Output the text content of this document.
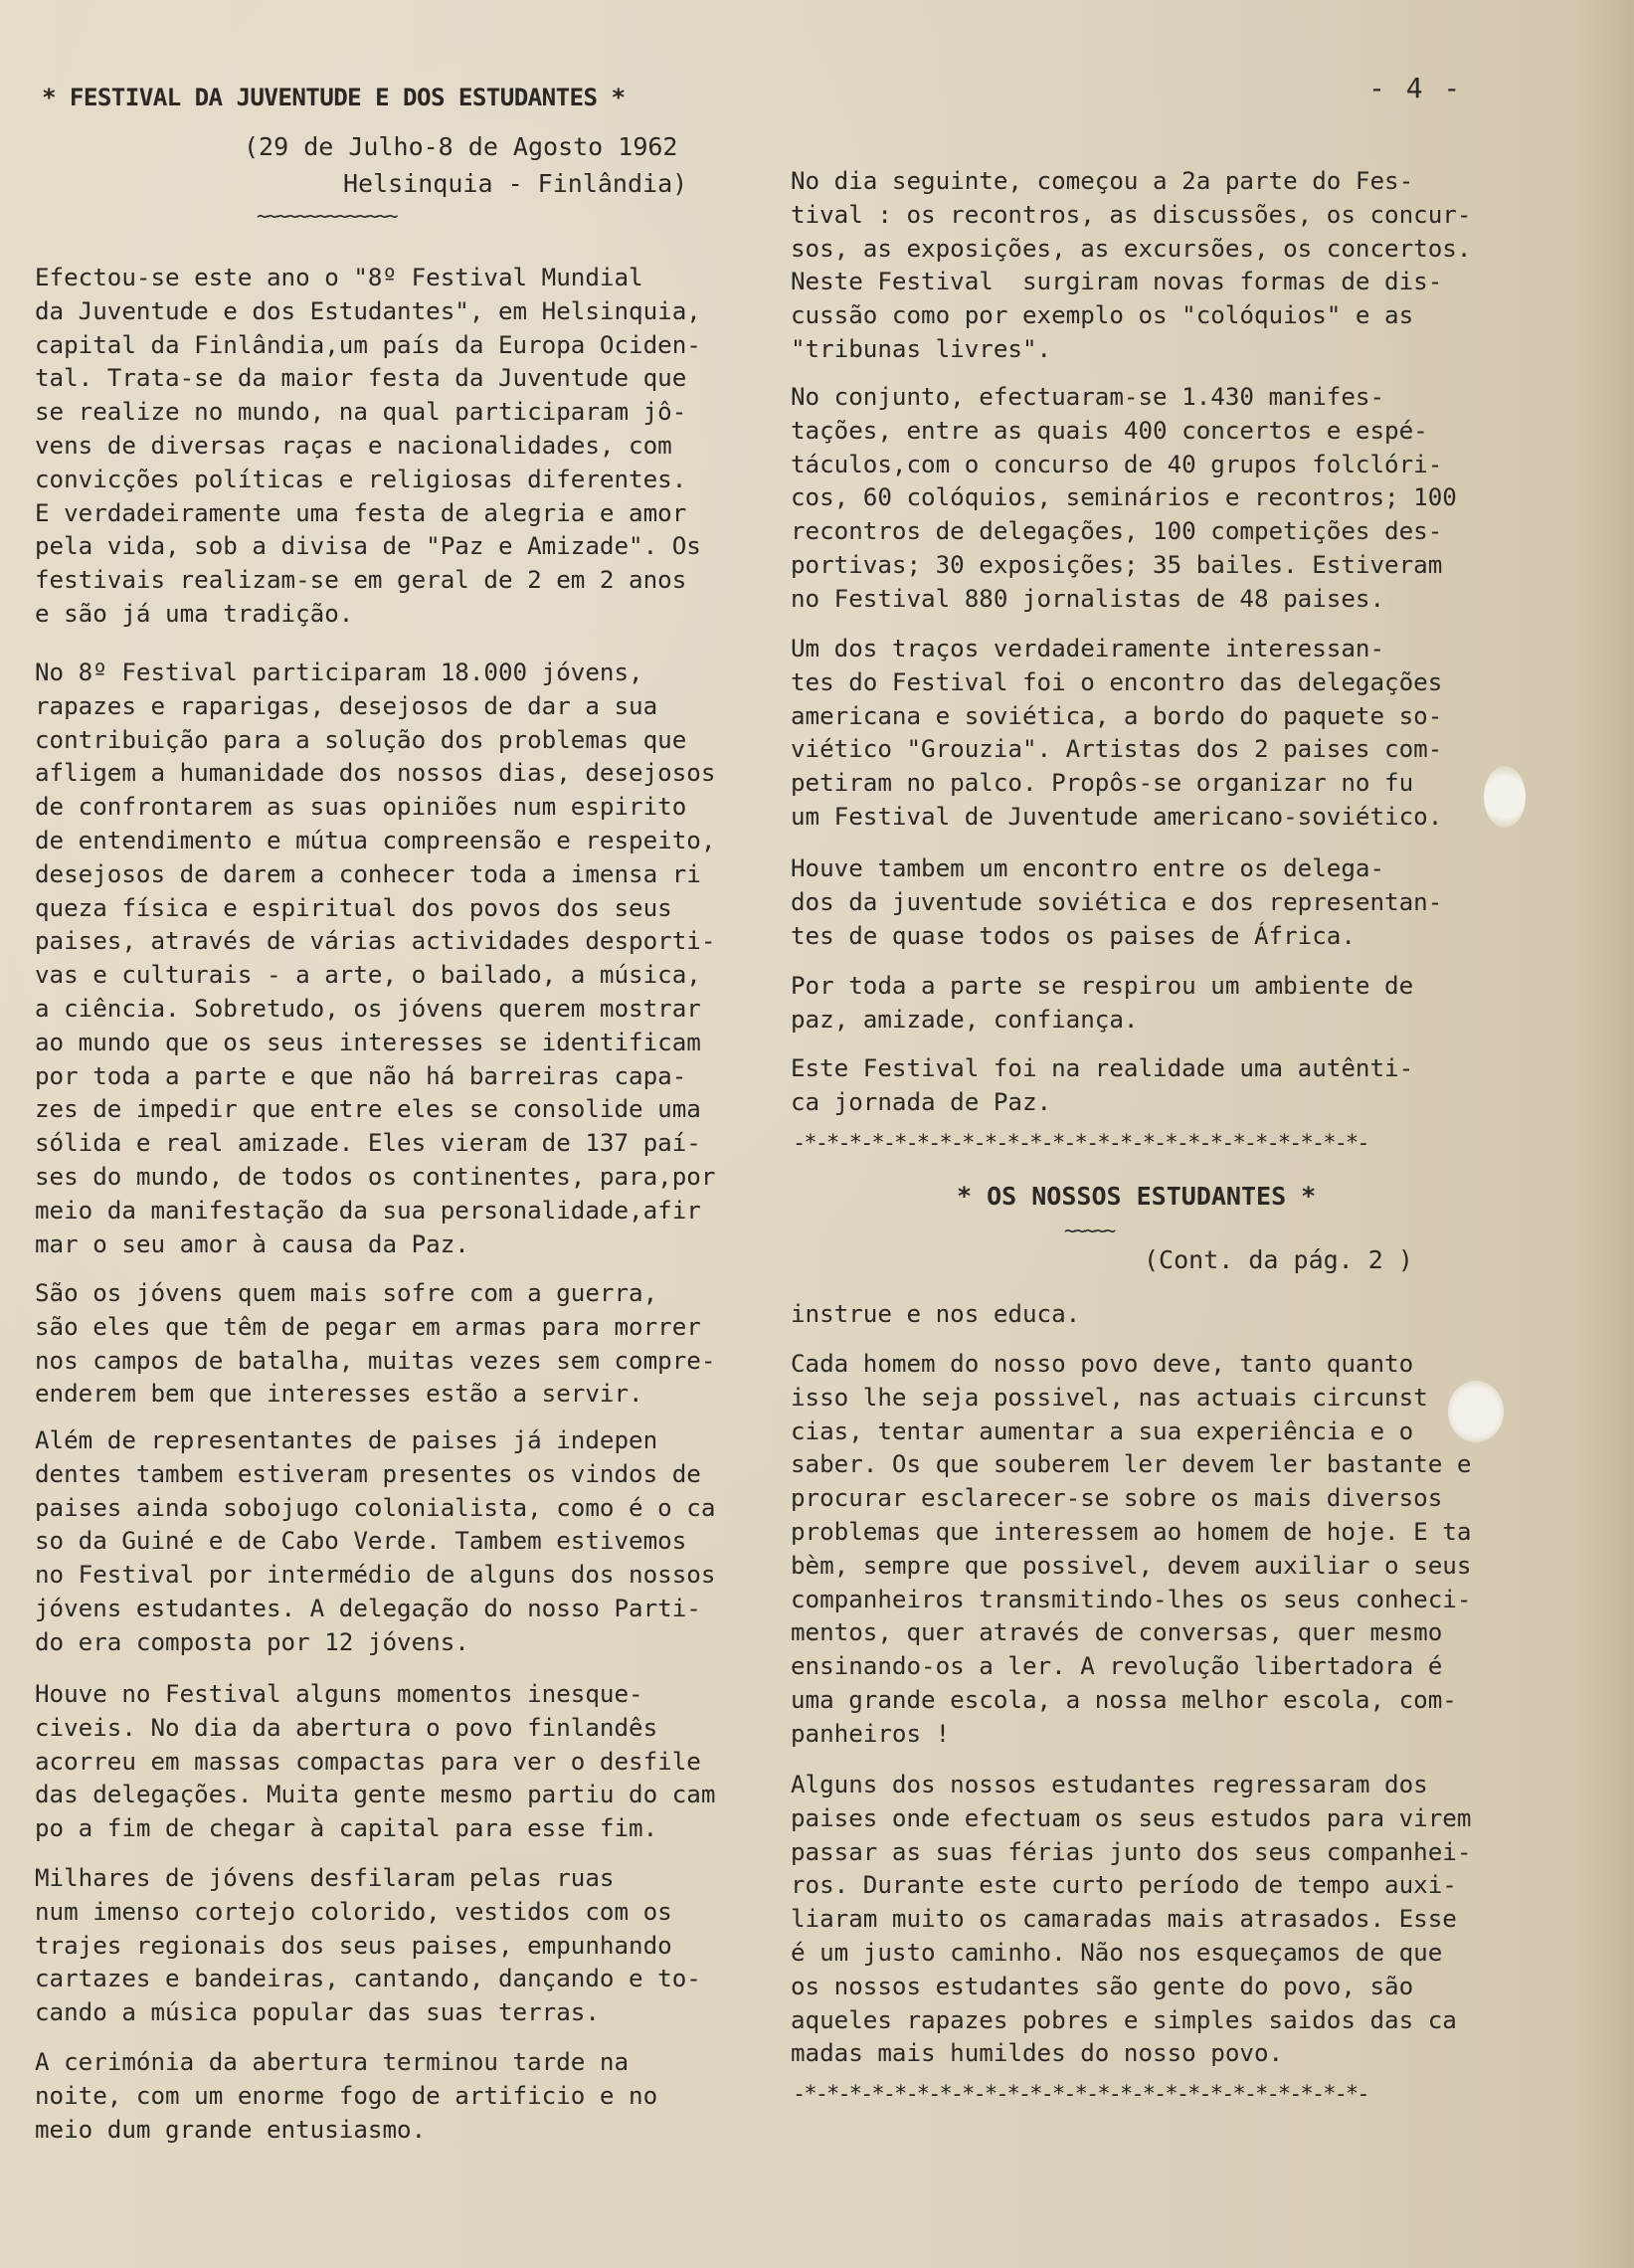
- 4 -
* FESTIVAL DA JUVENTUDE E DOS ESTUDANTES *
(29 de Julho-8 de Agosto 1962
Helsinquia - Finlândia)
~~~~~~~~~~~~~~
Efectou-se este ano o "8º Festival Mundial
da Juventude e dos Estudantes", em Helsinquia,
capital da Finlândia,um país da Europa Ociden-
tal. Trata-se da maior festa da Juventude que
se realize no mundo, na qual participaram jô-
vens de diversas raças e nacionalidades, com
convicções políticas e religiosas diferentes.
E verdadeiramente uma festa de alegria e amor
pela vida, sob a divisa de "Paz e Amizade". Os
festivais realizam-se em geral de 2 em 2 anos
e são já uma tradição.
No 8º Festival participaram 18.000 jóvens,
rapazes e raparigas, desejosos de dar a sua
contribuição para a solução dos problemas que
afligem a humanidade dos nossos dias, desejosos
de confrontarem as suas opiniões num espirito
de entendimento e mútua compreensão e respeito,
desejosos de darem a conhecer toda a imensa ri
queza física e espiritual dos povos dos seus
paises, através de várias actividades desporti-
vas e culturais - a arte, o bailado, a música,
a ciência. Sobretudo, os jóvens querem mostrar
ao mundo que os seus interesses se identificam
por toda a parte e que não há barreiras capa-
zes de impedir que entre eles se consolide uma
sólida e real amizade. Eles vieram de 137 paí-
ses do mundo, de todos os continentes, para,por
meio da manifestação da sua personalidade,afir
mar o seu amor à causa da Paz.
São os jóvens quem mais sofre com a guerra,
são eles que têm de pegar em armas para morrer
nos campos de batalha, muitas vezes sem compre-
enderem bem que interesses estão a servir.
Além de representantes de paises já indepen
dentes tambem estiveram presentes os vindos de
paises ainda sobojugo colonialista, como é o ca
so da Guiné e de Cabo Verde. Tambem estivemos
no Festival por intermédio de alguns dos nossos
jóvens estudantes. A delegação do nosso Parti-
do era composta por 12 jóvens.
Houve no Festival alguns momentos inesque-
civeis. No dia da abertura o povo finlandês
acorreu em massas compactas para ver o desfile
das delegações. Muita gente mesmo partiu do cam
po a fim de chegar à capital para esse fim.
Milhares de jóvens desfilaram pelas ruas
num imenso cortejo colorido, vestidos com os
trajes regionais dos seus paises, empunhando
cartazes e bandeiras, cantando, dançando e to-
cando a música popular das suas terras.
A cerimónia da abertura terminou tarde na
noite, com um enorme fogo de artificio e no
meio dum grande entusiasmo.
No dia seguinte, começou a 2a parte do Fes-
tival : os recontros, as discussões, os concur-
sos, as exposições, as excursões, os concertos.
Neste Festival  surgiram novas formas de dis-
cussão como por exemplo os "colóquios" e as
"tribunas livres".
No conjunto, efectuaram-se 1.430 manifes-
tações, entre as quais 400 concertos e espé-
táculos,com o concurso de 40 grupos folclóri-
cos, 60 colóquios, seminários e recontros; 100
recontros de delegações, 100 competições des-
portivas; 30 exposições; 35 bailes. Estiveram
no Festival 880 jornalistas de 48 paises.
Um dos traços verdadeiramente interessan-
tes do Festival foi o encontro das delegações
americana e soviética, a bordo do paquete so-
viético "Grouzia". Artistas dos 2 paises com-
petiram no palco. Propôs-se organizar no fu
um Festival de Juventude americano-soviético.
Houve tambem um encontro entre os delega-
dos da juventude soviética e dos representan-
tes de quase todos os paises de África.
Por toda a parte se respirou um ambiente de
paz, amizade, confiança.
Este Festival foi na realidade uma autênti-
ca jornada de Paz.
instrue e nos educa.
Cada homem do nosso povo deve, tanto quanto
isso lhe seja possivel, nas actuais circunst
cias, tentar aumentar a sua experiência e o
saber. Os que souberem ler devem ler bastante e
procurar esclarecer-se sobre os mais diversos
problemas que interessem ao homem de hoje. E ta
bèm, sempre que possivel, devem auxiliar o seus
companheiros transmitindo-lhes os seus conheci-
mentos, quer através de conversas, quer mesmo
ensinando-os a ler. A revolução libertadora é
uma grande escola, a nossa melhor escola, com-
panheiros !
Alguns dos nossos estudantes regressaram dos
paises onde efectuam os seus estudos para virem
passar as suas férias junto dos seus companhei-
ros. Durante este curto período de tempo auxi-
liaram muito os camaradas mais atrasados. Esse
é um justo caminho. Não nos esqueçamos de que
os nossos estudantes são gente do povo, são
aqueles rapazes pobres e simples saidos das ca
madas mais humildes do nosso povo.
-*-*-*-*-*-*-*-*-*-*-*-*-*-*-*-*-*-*-*-*-*-*-*-*-*-
* OS NOSSOS ESTUDANTES *
~~~~~
(Cont. da pág. 2 )
-*-*-*-*-*-*-*-*-*-*-*-*-*-*-*-*-*-*-*-*-*-*-*-*-*-
